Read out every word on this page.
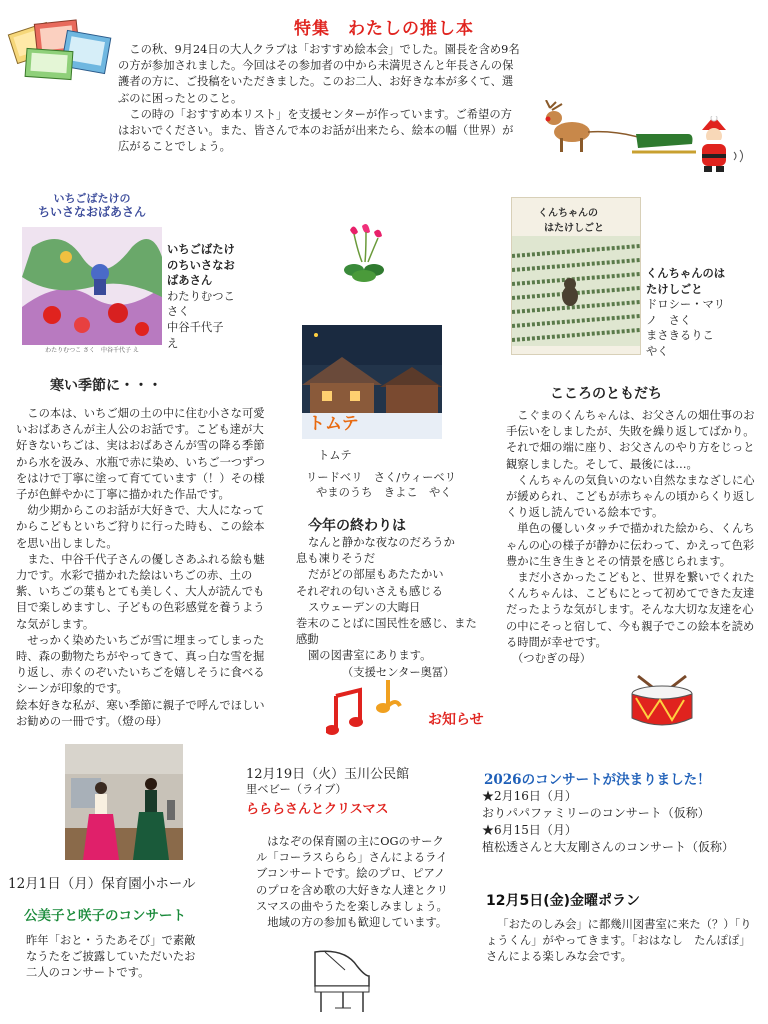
特集　わたしの推し本

この秋、9月24日の大人クラブは「おすすめ絵本会」でした。園長を含め9名の方が参加されました。今回はその参加者の中から未満児さんと年長さんの保護者の方に、ご投稿をいただきました。このお二人、お好きな本が多くて、選ぶのに困ったとのこと。

この時の「おすすめ本リスト」を支援センターが作っています。ご希望の方はおいでください。また、皆さんで本のお話が出来たら、絵本の幅（世界）が広がることでしょう。

いちごばたけの
ちいさなおばあさん
わたりむつこ さく　中谷千代子 え
いちごばたけのちいさなおばあさん
わたりむつこ　さく
中谷千代子　え
寒い季節に・・・

この本は、いちご畑の土の中に住む小さな可愛いおばあさんが主人公のお話です。こども達が大好きないちごは、実はおばあさんが雪の降る季節から水を汲み、水瓶で赤に染め、いちご一つずつをはけで丁寧に塗って育てています（！）その様子が色鮮やかに丁寧に描かれた作品です。

幼少期からこのお話が大好きで、大人になってからこどもといちご狩りに行った時も、この絵本を思い出しました。

また、中谷千代子さんの優しさあふれる絵も魅力です。水彩で描かれた絵はいちごの赤、土の紫、いちごの葉もとても美しく、大人が読んでも目で楽しめますし、子どもの色彩感覚を養うような気がします。

せっかく染めたいちごが雪に埋まってしまった時、森の動物たちがやってきて、真っ白な雪を掘り返し、赤くのぞいたいちごを嬉しそうに食べるシーンが印象的です。

絵本好きな私が、寒い季節に親子で呼んでほしいお勧めの一冊です。（燈の母）

トムテ
トムテ
リードベリ　さく/ウィーベリ
やまのうち　きよこ　やく
今年の終わりは
なんと静かな夜なのだろうか
息も凍りそうだ
だがどの部屋もあたたかい
それぞれの匂いさえも感じる
スウェーデンの大晦日
巻末のことばに国民性を感じ、また感動
園の図書室にあります。
（支援センター奥冨）
くんちゃんの
はたけしごと
くんちゃんのはたけしごと
ドロシー・マリノ　さく
まさきるりこ　やく
こころのともだち

こぐまのくんちゃんは、お父さんの畑仕事のお手伝いをしましたが、失敗を繰り返してばかり。それで畑の端に座り、お父さんのやり方をじっと観察しました。そして、最後には…。

くんちゃんの気負いのない自然なまなざしに心が緩められ、こどもが赤ちゃんの頃からくり返しくり返し読んでいる絵本です。

単色の優しいタッチで描かれた絵から、くんちゃんの心の様子が静かに伝わって、かえって色彩豊かに生き生きとその情景を感じられます。

まだ小さかったこどもと、世界を繋いでくれたくんちゃんは、こどもにとって初めてできた友達だったような気がします。そんな大切な友達を心の中にそっと宿して、今も親子でこの絵本を読める時間が幸せです。

（つむぎの母）

お知らせ
12月1日（月）保育園小ホール
公美子と咲子のコンサート
昨年「おと・うたあそび」で素敵なうたをご披露していただいたお二人のコンサートです。
12月19日（火）玉川公民館
里ベビー（ライブ）
らららさんとクリスマス

はなぞの保育園の主にOGのサークル「コーラスららら」さんによるライブコンサートです。絵のプロ、ピアノのプロを含め歌の大好きな人達とクリスマスの曲やうたを楽しみましょう。

地域の方の参加も歓迎しています。

2026のコンサートが決まりました！
★2月16日（月）
おりパパファミリーのコンサート（仮称）
★6月15日（月）
植松透さんと大友剛さんのコンサート（仮称）
12月5日(金)金曜ポラン
「おたのしみ会」に都幾川図書室に来た（？）「りょうくん」がやってきます。「おはなし　たんぽぽ」さんによる楽しみな会です。
